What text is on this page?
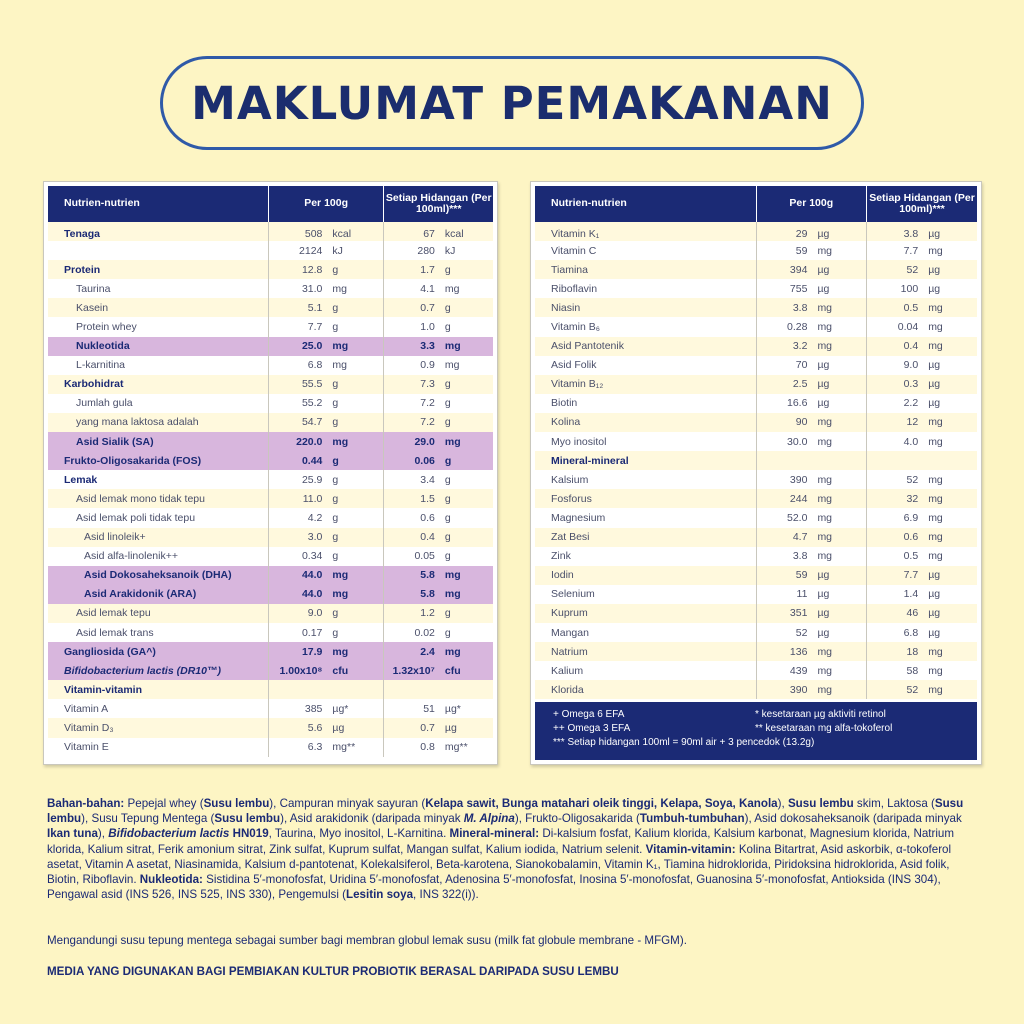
MAKLUMAT PEMAKANAN
Nutrien-nutrien	Per 100g	Setiap Hidangan (Per 100ml)***
Tenaga	508 kcal	67 kcal

	2124 kJ	280 kJ

Protein	12.8 g	1.7 g

Taurina	31.0 mg	4.1 mg

Kasein	5.1 g	0.7 g

Protein whey	7.7 g	1.0 g

Nukleotida	25.0 mg	3.3 mg

L-karnitina	6.8 mg	0.9 mg

Karbohidrat	55.5 g	7.3 g

Jumlah gula	55.2 g	7.2 g

yang mana laktosa adalah	54.7 g	7.2 g

Asid Sialik (SA)	220.0 mg	29.0 mg

Frukto-Oligosakarida (FOS)	0.44 g	0.06 g

Lemak	25.9 g	3.4 g

Asid lemak mono tidak tepu	11.0 g	1.5 g

Asid lemak poli tidak tepu	4.2 g	0.6 g

Asid linoleik+	3.0 g	0.4 g

Asid alfa-linolenik++	0.34 g	0.05 g

Asid Dokosaheksanoik (DHA)	44.0 mg	5.8 mg

Asid Arakidonik (ARA)	44.0 mg	5.8 mg

Asid lemak tepu	9.0 g	1.2 g

Asid lemak trans	0.17 g	0.02 g

Gangliosida (GA^)	17.9 mg	2.4 mg

Bifidobacterium lactis (DR10™)	1.00x10⁸ cfu	1.32x10⁷ cfu

Vitamin-vitamin	

Vitamin A	385 µg*	51 µg*

Vitamin D₃	5.6 µg	0.7 µg

Vitamin E	6.3 mg**	0.8 mg**
Nutrien-nutrien	Per 100g	Setiap Hidangan (Per 100ml)***
Vitamin K₁	29 µg	3.8 µg

Vitamin C	59 mg	7.7 mg

Tiamina	394 µg	52 µg

Riboflavin	755 µg	100 µg

Niasin	3.8 mg	0.5 mg

Vitamin B₆	0.28 mg	0.04 mg

Asid Pantotenik	3.2 mg	0.4 mg

Asid Folik	70 µg	9.0 µg

Vitamin B₁₂	2.5 µg	0.3 µg

Biotin	16.6 µg	2.2 µg

Kolina	90 mg	12 mg

Myo inositol	30.0 mg	4.0 mg

Mineral-mineral	

Kalsium	390 mg	52 mg

Fosforus	244 mg	32 mg

Magnesium	52.0 mg	6.9 mg

Zat Besi	4.7 mg	0.6 mg

Zink	3.8 mg	0.5 mg

Iodin	59 µg	7.7 µg

Selenium	11 µg	1.4 µg

Kuprum	351 µg	46 µg

Mangan	52 µg	6.8 µg

Natrium	136 mg	18 mg

Kalium	439 mg	58 mg

Klorida	390 mg	52 mg
+ Omega 6 EFA
++ Omega 3 EFA
*** Setiap hidangan 100ml = 90ml air + 3 pencedok (13.2g)
* kesetaraan µg aktiviti retinol
** kesetaraan mg alfa-tokoferol
Bahan-bahan: Pepejal whey (Susu lembu), Campuran minyak sayuran (Kelapa sawit, Bunga matahari oleik tinggi, Kelapa, Soya, Kanola), Susu lembu skim, Laktosa (Susu lembu), Susu Tepung Mentega (Susu lembu), Asid arakidonik (daripada minyak M. Alpina), Frukto-Oligosakarida (Tumbuh-tumbuhan), Asid dokosaheksanoik (daripada minyak Ikan tuna), Bifidobacterium lactis HN019, Taurina, Myo inositol, L-Karnitina. Mineral-mineral: Di-kalsium fosfat, Kalium klorida, Kalsium karbonat, Magnesium klorida, Natrium klorida, Kalium sitrat, Ferik amonium sitrat, Zink sulfat, Kuprum sulfat, Mangan sulfat, Kalium iodida, Natrium selenit. Vitamin-vitamin: Kolina Bitartrat, Asid askorbik, α-tokoferol asetat, Vitamin A asetat, Niasinamida, Kalsium d-pantotenat, Kolekalsiferol, Beta-karotena, Sianokobalamin, Vitamin K₁, Tiamina hidroklorida, Piridoksina hidroklorida, Asid folik, Biotin, Riboflavin. Nukleotida: Sistidina 5′-monofosfat, Uridina 5′-monofosfat, Adenosina 5′-monofosfat, Inosina 5′-monofosfat, Guanosina 5′-monofosfat, Antioksida (INS 304), Pengawal asid (INS 526, INS 525, INS 330), Pengemulsi (Lesitin soya, INS 322(i)).
Mengandungi susu tepung mentega sebagai sumber bagi membran globul lemak susu (milk fat globule membrane - MFGM).
MEDIA YANG DIGUNAKAN BAGI PEMBIAKAN KULTUR PROBIOTIK BERASAL DARIPADA SUSU LEMBU
